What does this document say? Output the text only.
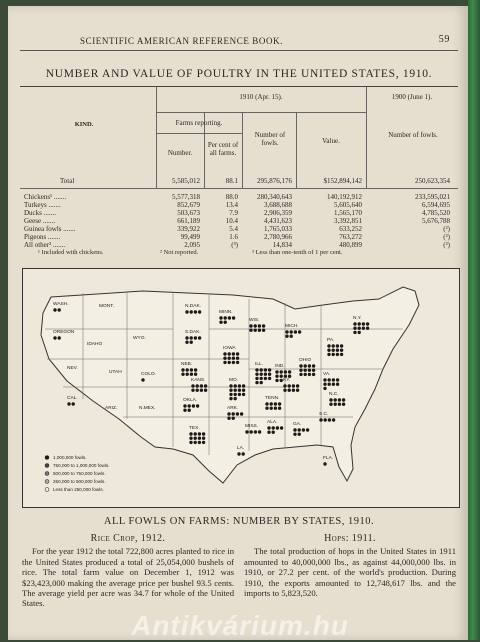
SCIENTIFIC AMERICAN REFERENCE BOOK.	59
NUMBER AND VALUE OF POULTRY IN THE UNITED STATES, 1910.
KIND.
1910 (Apr. 15).	1900 (June 1).
Farms reporting.
Number.
Per cent of all farms.
Number of fowls.	Value.
Number of fowls.
Total	5,585,012	88.1	295,876,176	$152,894,142	250,623,354
Chickens¹ .......	5,577,318	88.0	280,340,643	140,192,912	233,595,021
Turkeys .......	852,679	13.4	3,688,688	5,605,640	6,594,695
Ducks .......	503,673	7.9	2,906,359	1,565,170	4,785,520
Geese .......	661,189	10.4	4,431,623	3,392,851	5,676,788
Guinea fowls .......	339,922	5.4	1,765,033	633,252	(²)
Pigeons .......	99,499	1.6	2,780,966	763,272	(²)
All other³ .......	2,095	(³)	14,834	480,899	(²)
¹ Included with chickens.	² Not reported.	³ Less than one-tenth of 1 per cent.
WASH.
OREGON
MONT.
IDAHO
WYO.
N.DAK.
S.DAK.
NEB.
MINN.
WIS.
MICH.
IOWA
NEV.
UTAH	COLO.
KANS.	MO.
ILL. IND.
OHIO
PA.
N.Y.
CAL.
ARIZ.	N.MEX.
TEX.
OKLA.
ARK.
TENN.
KY.
VA.
N.C.
S.C.
GA.
ALA.
MISS.
LA.
FLA.
1,000,000 fowls.
750,000 to 1,000,000 fowls.
500,000 to 750,000 fowls.
250,000 to 500,000 fowls.
Less than 250,000 fowls.
ALL FOWLS ON FARMS: NUMBER BY STATES, 1910.
Rice Crop, 1912.

For the year 1912 the total 722,800 acres planted to rice in the United States produced a total of 25,054,000 bushels of rice. The total farm value on December 1, 1912 was $23,423,000 making the average price per bushel 93.5 cents. The average yield per acre was 34.7 for whole of the United States.

Hops: 1911.

The total production of hops in the United States in 1911 amounted to 40,000,000 lbs., as against 44,000,000 lbs. in 1910, or 27.2 per cent. of the world's production. During 1910, the exports amounted to 12,748,617 lbs. and the imports to 5,823,520.

Antikvárium.hu
